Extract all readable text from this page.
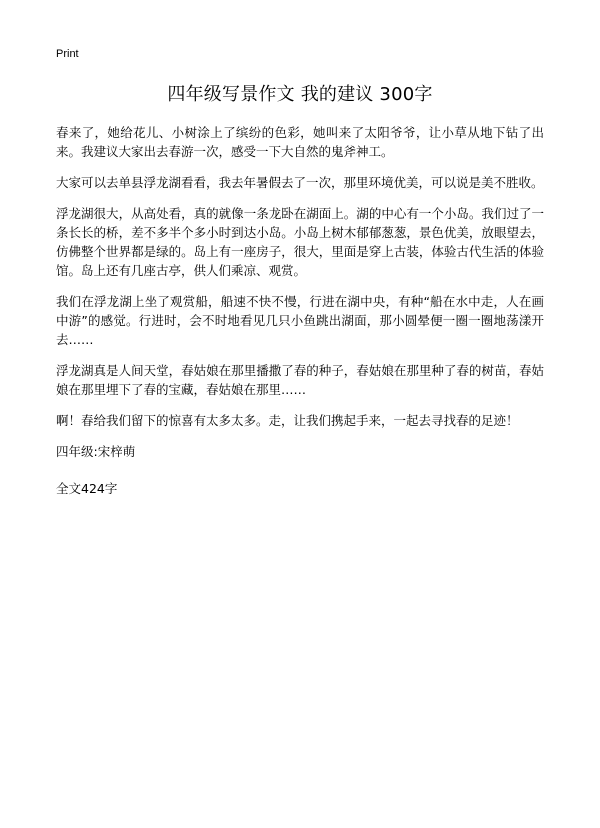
Print
四年级写景作文 我的建议 300字

春来了，她给花儿、小树涂上了缤纷的色彩，她叫来了太阳爷爷，让小草从地下钻了出来。我建议大家出去春游一次，感受一下大自然的鬼斧神工。

大家可以去单县浮龙湖看看，我去年暑假去了一次，那里环境优美，可以说是美不胜收。

浮龙湖很大，从高处看，真的就像一条龙卧在湖面上。湖的中心有一个小岛。我们过了一条长长的桥，差不多半个多小时到达小岛。小岛上树木郁郁葱葱，景色优美，放眼望去，仿佛整个世界都是绿的。岛上有一座房子，很大，里面是穿上古装，体验古代生活的体验馆。岛上还有几座古亭，供人们乘凉、观赏。

我们在浮龙湖上坐了观赏船，船速不快不慢，行进在湖中央，有种“船在水中走，人在画中游”的感觉。行进时，会不时地看见几只小鱼跳出湖面，那小圆晕便一圈一圈地荡漾开去……

浮龙湖真是人间天堂，春姑娘在那里播撒了春的种子，春姑娘在那里种了春的树苗，春姑娘在那里埋下了春的宝藏，春姑娘在那里……

啊！春给我们留下的惊喜有太多太多。走，让我们携起手来，一起去寻找春的足迹！

四年级:宋梓萌

全文424字
